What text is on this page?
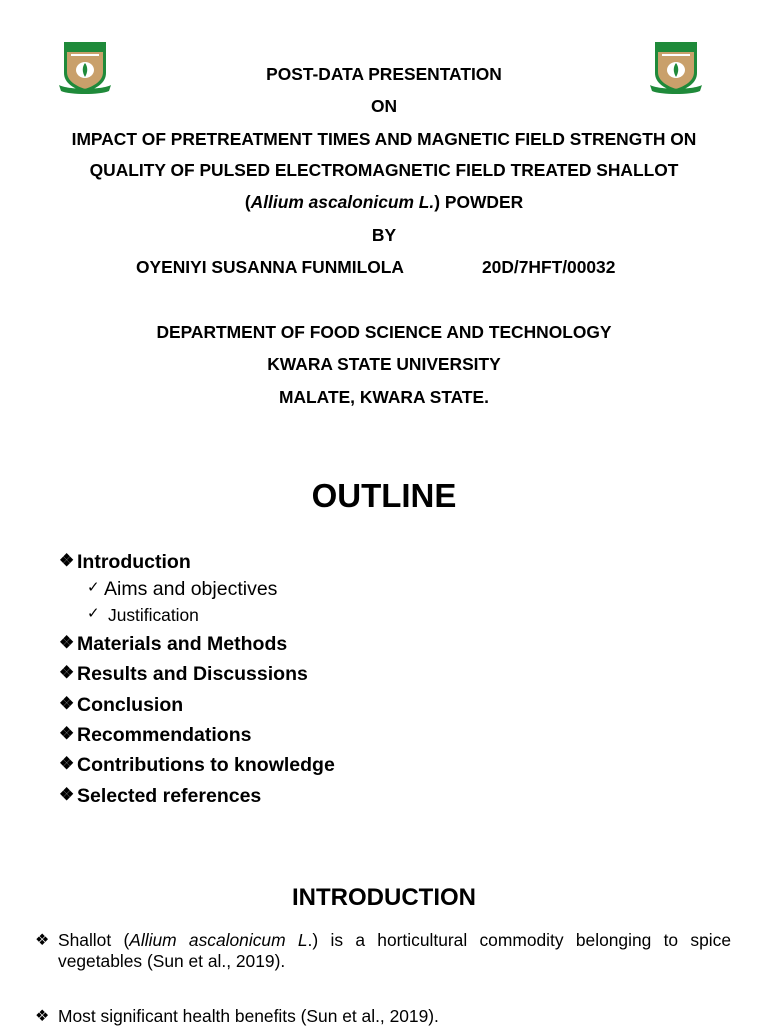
POST-DATA PRESENTATION
ON
IMPACT OF PRETREATMENT TIMES AND MAGNETIC FIELD STRENGTH ON
QUALITY OF PULSED ELECTROMAGNETIC FIELD TREATED SHALLOT
(Allium ascalonicum L.) POWDER
BY
OYENIYI SUSANNA FUNMILOLA	20D/7HFT/00032
DEPARTMENT OF FOOD SCIENCE AND TECHNOLOGY
KWARA STATE UNIVERSITY
MALATE, KWARA STATE.
OUTLINE
❖ Introduction
✓ Aims and objectives
✓ Justification
❖ Materials and Methods
❖ Results and Discussions
❖ Conclusion
❖ Recommendations
❖ Contributions to knowledge
❖ Selected references
INTRODUCTION
❖ Shallot (Allium ascalonicum L.) is a horticultural commodity belonging to spice vegetables (Sun et al., 2019).
❖ Most significant health benefits (Sun et al., 2019).
